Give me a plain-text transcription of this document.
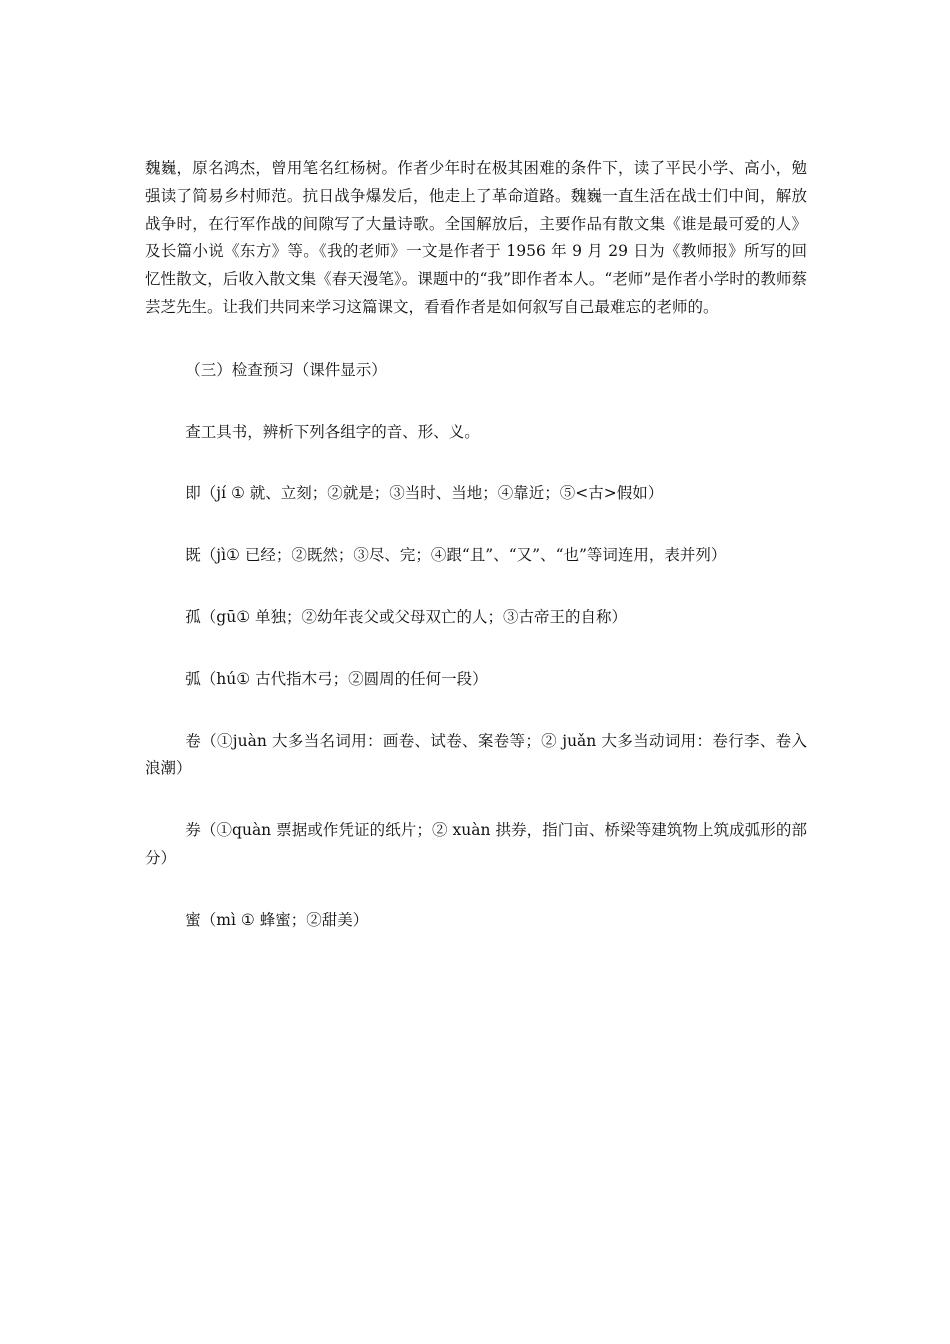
魏巍，原名鸿杰，曾用笔名红杨树。作者少年时在极其困难的条件下，读了平民小学、高小，勉强读了简易乡村师范。抗日战争爆发后，他走上了革命道路。魏巍一直生活在战士们中间，解放战争时，在行军作战的间隙写了大量诗歌。全国解放后，主要作品有散文集《谁是最可爱的人》及长篇小说《东方》等。《我的老师》一文是作者于 1956 年 9 月 29 日为《教师报》所写的回忆性散文，后收入散文集《春天漫笔》。课题中的“我”即作者本人。“老师”是作者小学时的教师蔡芸芝先生。让我们共同来学习这篇课文，看看作者是如何叙写自己最难忘的老师的。

（三）检查预习（课件显示）

查工具书，辨析下列各组字的音、形、义。

即（jí ① 就、立刻；②就是；③当时、当地；④靠近；⑤<古>假如）

既（jì① 已经；②既然；③尽、完；④跟“且”、“又”、“也”等词连用，表并列）

孤（gū① 单独；②幼年丧父或父母双亡的人；③古帝王的自称）

弧（hú① 古代指木弓；②圆周的任何一段）

卷（①juàn 大多当名词用：画卷、试卷、案卷等；② juǎn 大多当动词用：卷行李、卷入浪潮）

券（①quàn 票据或作凭证的纸片；② xuàn 拱券，指门亩、桥梁等建筑物上筑成弧形的部分）

蜜（mì ① 蜂蜜；②甜美）
